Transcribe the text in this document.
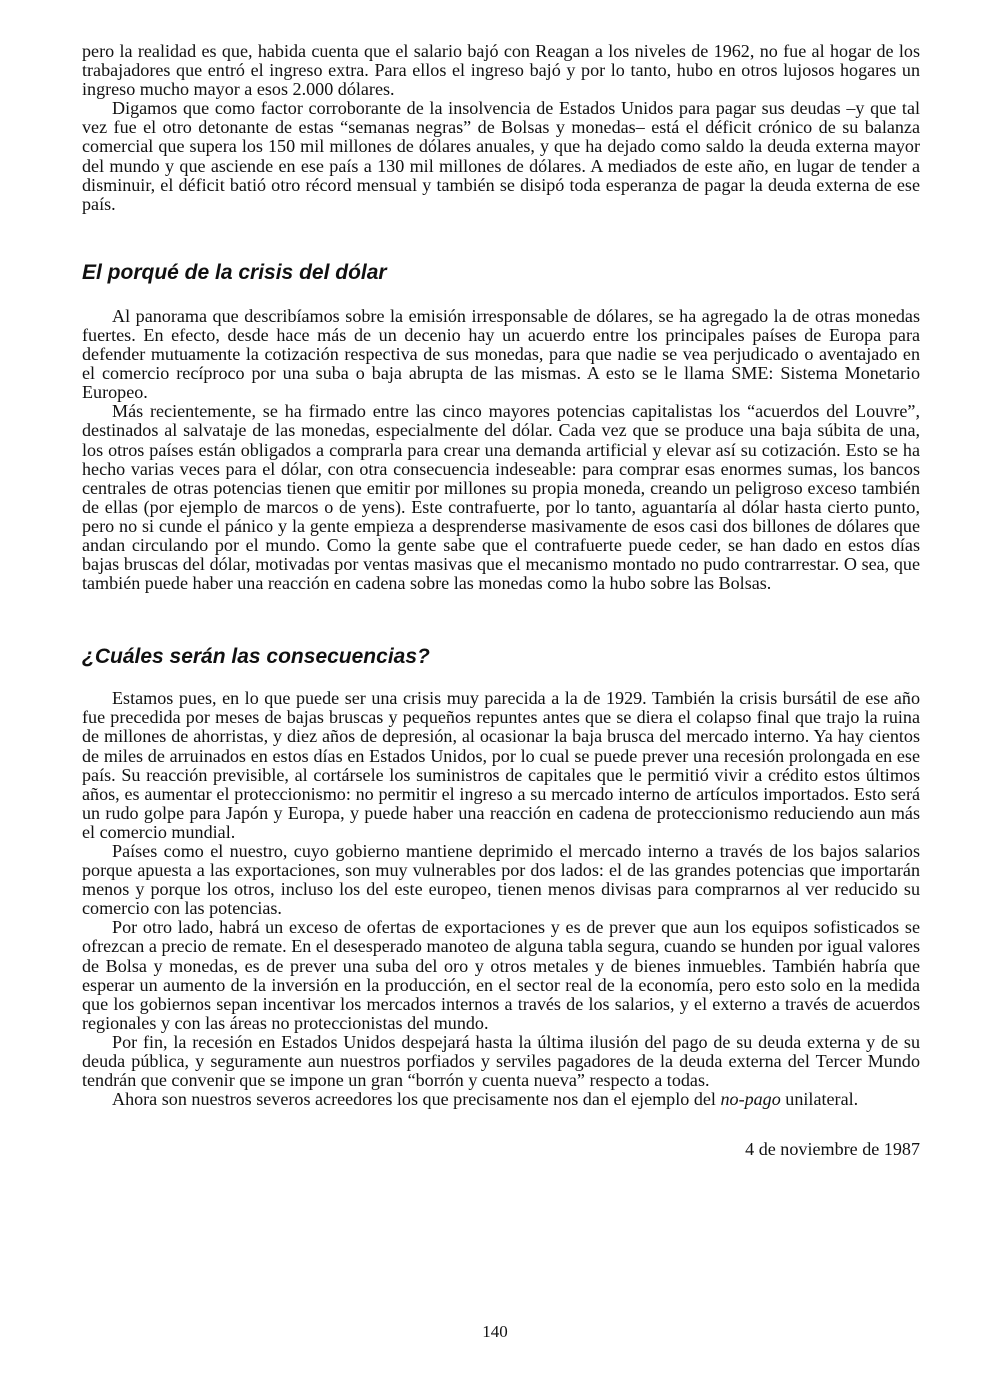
pero la realidad es que, habida cuenta que el salario bajó con Reagan a los niveles de 1962, no fue al hogar de los trabajadores que entró el ingreso extra. Para ellos el ingreso bajó y por lo tanto, hubo en otros lujosos hogares un ingreso mucho mayor a esos 2.000 dólares.

Digamos que como factor corroborante de la insolvencia de Estados Unidos para pagar sus deudas –y que tal vez fue el otro detonante de estas “semanas negras” de Bolsas y monedas– está el déficit crónico de su balanza comercial que supera los 150 mil millones de dólares anuales, y que ha dejado como saldo la deuda externa mayor del mundo y que asciende en ese país a 130 mil millones de dólares. A mediados de este año, en lugar de tender a disminuir, el déficit batió otro récord mensual y también se disipó toda esperanza de pagar la deuda externa de ese país.

El porqué de la crisis del dólar

Al panorama que describíamos sobre la emisión irresponsable de dólares, se ha agregado la de otras monedas fuertes. En efecto, desde hace más de un decenio hay un acuerdo entre los principales países de Europa para defender mutuamente la cotización respectiva de sus monedas, para que nadie se vea perjudicado o aventajado en el comercio recíproco por una suba o baja abrupta de las mismas. A esto se le llama SME: Sistema Monetario Europeo.

Más recientemente, se ha firmado entre las cinco mayores potencias capitalistas los “acuerdos del Louvre”, destinados al salvataje de las monedas, especialmente del dólar. Cada vez que se produce una baja súbita de una, los otros países están obligados a comprarla para crear una demanda artificial y elevar así su cotización. Esto se ha hecho varias veces para el dólar, con otra consecuencia indeseable: para comprar esas enormes sumas, los bancos centrales de otras potencias tienen que emitir por millones su propia moneda, creando un peligroso exceso también de ellas (por ejemplo de marcos o de yens). Este contrafuerte, por lo tanto, aguantaría al dólar hasta cierto punto, pero no si cunde el pánico y la gente empieza a desprenderse masivamente de esos casi dos billones de dólares que andan circulando por el mundo. Como la gente sabe que el contrafuerte puede ceder, se han dado en estos días bajas bruscas del dólar, motivadas por ventas masivas que el mecanismo montado no pudo contrarrestar. O sea, que también puede haber una reacción en cadena sobre las monedas como la hubo sobre las Bolsas.

¿Cuáles serán las consecuencias?

Estamos pues, en lo que puede ser una crisis muy parecida a la de 1929. También la crisis bursátil de ese año fue precedida por meses de bajas bruscas y pequeños repuntes antes que se diera el colapso final que trajo la ruina de millones de ahorristas, y diez años de depresión, al ocasionar la baja brusca del mercado interno. Ya hay cientos de miles de arruinados en estos días en Estados Unidos, por lo cual se puede prever una recesión prolongada en ese país. Su reacción previsible, al cortársele los suministros de capitales que le permitió vivir a crédito estos últimos años, es aumentar el proteccionismo: no permitir el ingreso a su mercado interno de artículos importados. Esto será un rudo golpe para Japón y Europa, y puede haber una reacción en cadena de proteccionismo reduciendo aun más el comercio mundial.

Países como el nuestro, cuyo gobierno mantiene deprimido el mercado interno a través de los bajos salarios porque apuesta a las exportaciones, son muy vulnerables por dos lados: el de las grandes potencias que importarán menos y porque los otros, incluso los del este europeo, tienen menos divisas para comprarnos al ver reducido su comercio con las potencias.

Por otro lado, habrá un exceso de ofertas de exportaciones y es de prever que aun los equipos sofisticados se ofrezcan a precio de remate. En el desesperado manoteo de alguna tabla segura, cuando se hunden por igual valores de Bolsa y monedas, es de prever una suba del oro y otros metales y de bienes inmuebles. También habría que esperar un aumento de la inversión en la producción, en el sector real de la economía, pero esto solo en la medida que los gobiernos sepan incentivar los mercados internos a través de los salarios, y el externo a través de acuerdos regionales y con las áreas no proteccionistas del mundo.

Por fin, la recesión en Estados Unidos despejará hasta la última ilusión del pago de su deuda externa y de su deuda pública, y seguramente aun nuestros porfiados y serviles pagadores de la deuda externa del Tercer Mundo tendrán que convenir que se impone un gran “borrón y cuenta nueva” respecto a todas.

Ahora son nuestros severos acreedores los que precisamente nos dan el ejemplo del no-pago unilateral.

4 de noviembre de 1987
140
